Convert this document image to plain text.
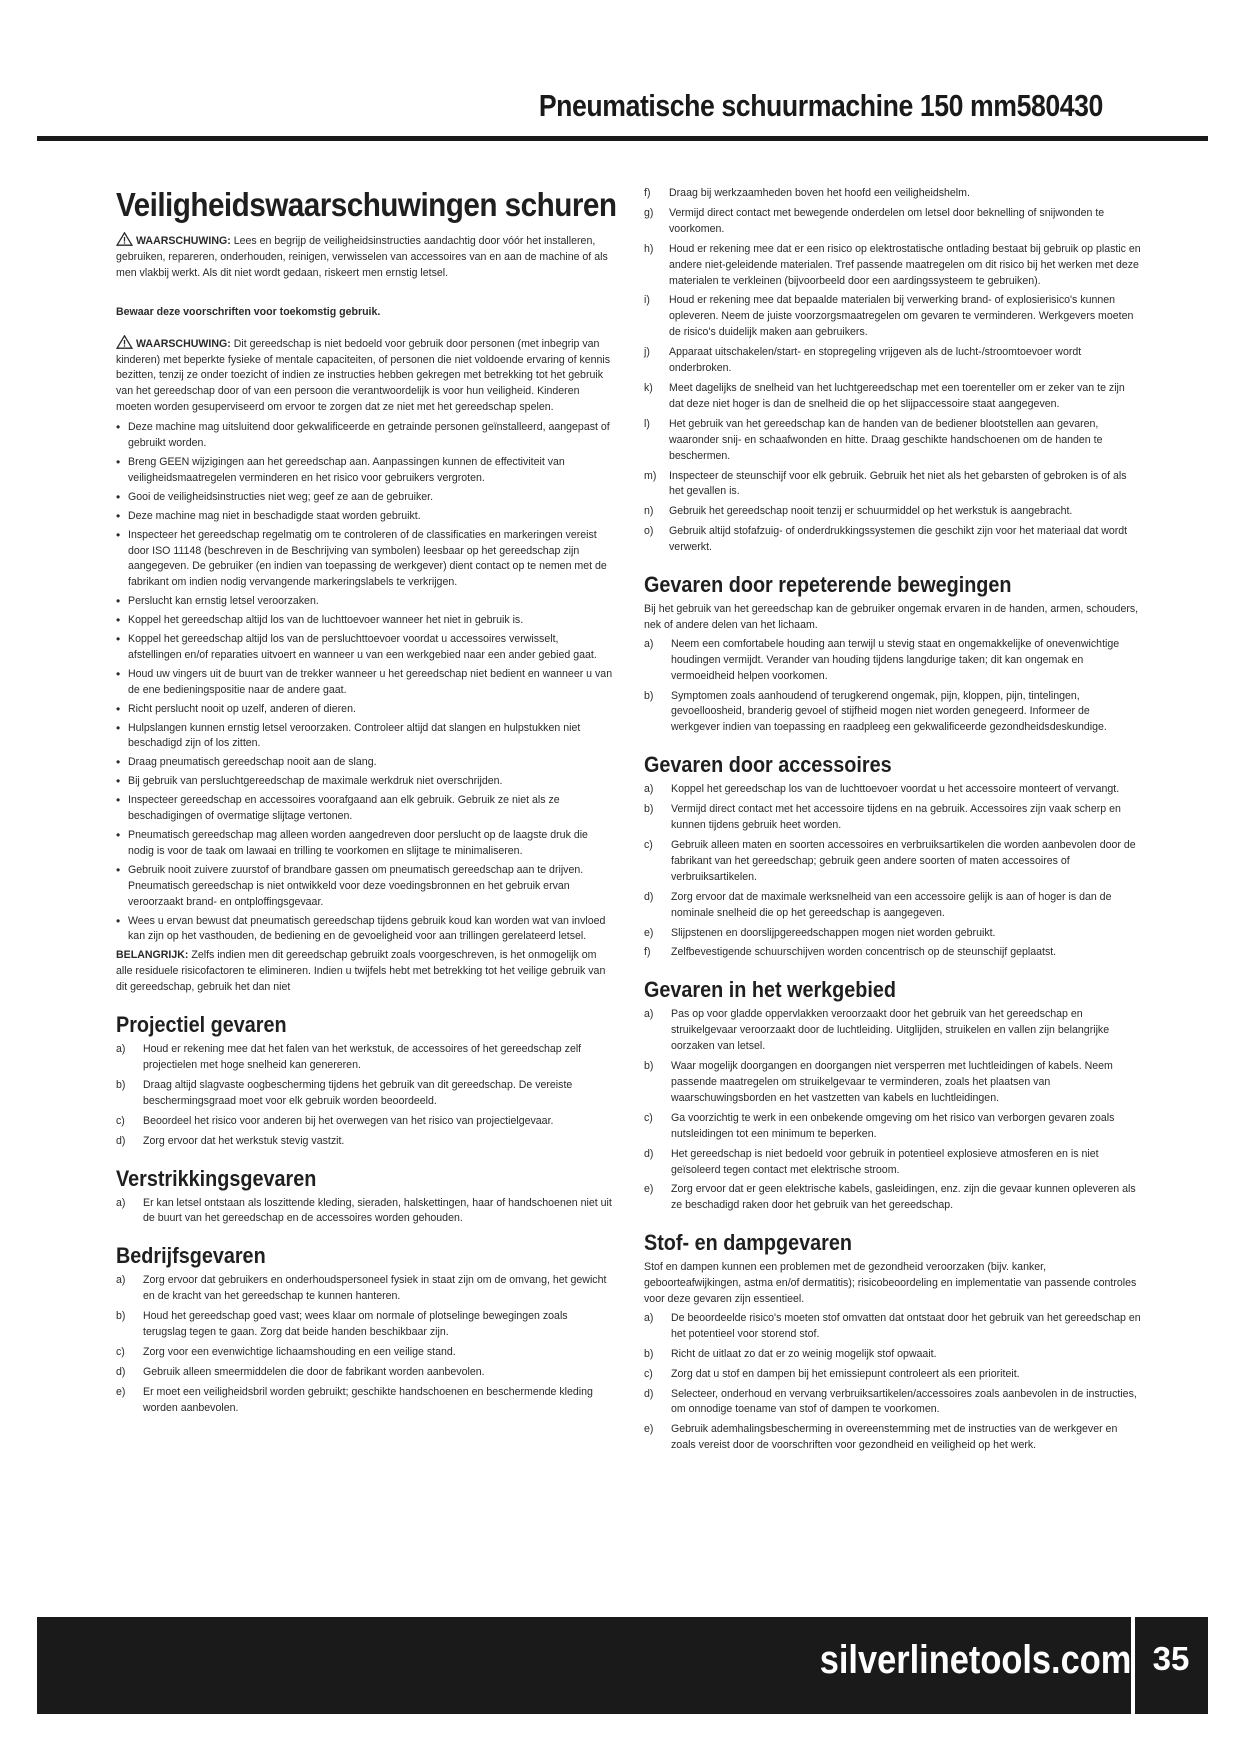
Pneumatische schuurmachine 150 mm580430
Veiligheidswaarschuwingen schuren

WAARSCHUWING: Lees en begrijp de veiligheidsinstructies aandachtig door vóór het installeren, gebruiken, repareren, onderhouden, reinigen, verwisselen van accessoires van en aan de machine of als men vlakbij werkt. Als dit niet wordt gedaan, riskeert men ernstig letsel.

Bewaar deze voorschriften voor toekomstig gebruik.

WAARSCHUWING: Dit gereedschap is niet bedoeld voor gebruik door personen (met inbegrip van kinderen) met beperkte fysieke of mentale capaciteiten, of personen die niet voldoende ervaring of kennis bezitten, tenzij ze onder toezicht of indien ze instructies hebben gekregen met betrekking tot het gebruik van het gereedschap door of van een persoon die verantwoordelijk is voor hun veiligheid. Kinderen moeten worden gesuperviseerd om ervoor te zorgen dat ze niet met het gereedschap spelen.

• Deze machine mag uitsluitend door gekwalificeerde en getrainde personen geïnstalleerd, aangepast of gebruikt worden.
• Breng GEEN wijzigingen aan het gereedschap aan. Aanpassingen kunnen de effectiviteit van veiligheidsmaatregelen verminderen en het risico voor gebruikers vergroten.
• Gooi de veiligheidsinstructies niet weg; geef ze aan de gebruiker.
• Deze machine mag niet in beschadigde staat worden gebruikt.
• Inspecteer het gereedschap regelmatig om te controleren of de classificaties en markeringen vereist door ISO 11148 (beschreven in de Beschrijving van symbolen) leesbaar op het gereedschap zijn aangegeven. De gebruiker (en indien van toepassing de werkgever) dient contact op te nemen met de fabrikant om indien nodig vervangende markeringslabels te verkrijgen.
• Perslucht kan ernstig letsel veroorzaken.
• Koppel het gereedschap altijd los van de luchttoevoer wanneer het niet in gebruik is.
• Koppel het gereedschap altijd los van de persluchttoevoer voordat u accessoires verwisselt, afstellingen en/of reparaties uitvoert en wanneer u van een werkgebied naar een ander gebied gaat.
• Houd uw vingers uit de buurt van de trekker wanneer u het gereedschap niet bedient en wanneer u van de ene bedieningspositie naar de andere gaat.
• Richt perslucht nooit op uzelf, anderen of dieren.
• Hulpslangen kunnen ernstig letsel veroorzaken. Controleer altijd dat slangen en hulpstukken niet beschadigd zijn of los zitten.
• Draag pneumatisch gereedschap nooit aan de slang.
• Bij gebruik van persluchtgereedschap de maximale werkdruk niet overschrijden.
• Inspecteer gereedschap en accessoires voorafgaand aan elk gebruik. Gebruik ze niet als ze beschadigingen of overmatige slijtage vertonen.
• Pneumatisch gereedschap mag alleen worden aangedreven door perslucht op de laagste druk die nodig is voor de taak om lawaai en trilling te voorkomen en slijtage te minimaliseren.
• Gebruik nooit zuivere zuurstof of brandbare gassen om pneumatisch gereedschap aan te drijven. Pneumatisch gereedschap is niet ontwikkeld voor deze voedingsbronnen en het gebruik ervan veroorzaakt brand- en ontploffingsgevaar.
• Wees u ervan bewust dat pneumatisch gereedschap tijdens gebruik koud kan worden wat van invloed kan zijn op het vasthouden, de bediening en de gevoeligheid voor aan trillingen gerelateerd letsel.

BELANGRIJK: Zelfs indien men dit gereedschap gebruikt zoals voorgeschreven, is het onmogelijk om alle residuele risicofactoren te elimineren. Indien u twijfels hebt met betrekking tot het veilige gebruik van dit gereedschap, gebruik het dan niet

Projectiel gevaren
a) Houd er rekening mee dat het falen van het werkstuk, de accessoires of het gereedschap zelf projectielen met hoge snelheid kan genereren.
b) Draag altijd slagvaste oogbescherming tijdens het gebruik van dit gereedschap. De vereiste beschermingsgraad moet voor elk gebruik worden beoordeeld.
c) Beoordeel het risico voor anderen bij het overwegen van het risico van projectielgevaar.
d) Zorg ervoor dat het werkstuk stevig vastzit.
Verstrikkingsgevaren
a) Er kan letsel ontstaan als loszittende kleding, sieraden, halskettingen, haar of handschoenen niet uit de buurt van het gereedschap en de accessoires worden gehouden.
Bedrijfsgevaren
a) Zorg ervoor dat gebruikers en onderhoudspersoneel fysiek in staat zijn om de omvang, het gewicht en de kracht van het gereedschap te kunnen hanteren.
b) Houd het gereedschap goed vast; wees klaar om normale of plotselinge bewegingen zoals terugslag tegen te gaan. Zorg dat beide handen beschikbaar zijn.
c) Zorg voor een evenwichtige lichaamshouding en een veilige stand.
d) Gebruik alleen smeermiddelen die door de fabrikant worden aanbevolen.
e) Er moet een veiligheidsbril worden gebruikt; geschikte handschoenen en beschermende kleding worden aanbevolen.
f) Draag bij werkzaamheden boven het hoofd een veiligheidshelm.
g) Vermijd direct contact met bewegende onderdelen om letsel door beknelling of snijwonden te voorkomen.
h) Houd er rekening mee dat er een risico op elektrostatische ontlading bestaat bij gebruik op plastic en andere niet-geleidende materialen. Tref passende maatregelen om dit risico bij het werken met deze materialen te verkleinen (bijvoorbeeld door een aardingssysteem te gebruiken).
i) Houd er rekening mee dat bepaalde materialen bij verwerking brand- of explosierisico's kunnen opleveren. Neem de juiste voorzorgsmaatregelen om gevaren te verminderen. Werkgevers moeten de risico's duidelijk maken aan gebruikers.
j) Apparaat uitschakelen/start- en stopregeling vrijgeven als de lucht-/stroomtoevoer wordt onderbroken.
k) Meet dagelijks de snelheid van het luchtgereedschap met een toerenteller om er zeker van te zijn dat deze niet hoger is dan de snelheid die op het slijpaccessoire staat aangegeven.
l) Het gebruik van het gereedschap kan de handen van de bediener blootstellen aan gevaren, waaronder snij- en schaafwonden en hitte. Draag geschikte handschoenen om de handen te beschermen.
m) Inspecteer de steunschijf voor elk gebruik. Gebruik het niet als het gebarsten of gebroken is of als het gevallen is.
n) Gebruik het gereedschap nooit tenzij er schuurmiddel op het werkstuk is aangebracht.
o) Gebruik altijd stofafzuig- of onderdrukkingssystemen die geschikt zijn voor het materiaal dat wordt verwerkt.
Gevaren door repeterende bewegingen

Bij het gebruik van het gereedschap kan de gebruiker ongemak ervaren in de handen, armen, schouders, nek of andere delen van het lichaam.

a) Neem een comfortabele houding aan terwijl u stevig staat en ongemakkelijke of onevenwichtige houdingen vermijdt. Verander van houding tijdens langdurige taken; dit kan ongemak en vermoeidheid helpen voorkomen.
b) Symptomen zoals aanhoudend of terugkerend ongemak, pijn, kloppen, pijn, tintelingen, gevoelloosheid, branderig gevoel of stijfheid mogen niet worden genegeerd. Informeer de werkgever indien van toepassing en raadpleeg een gekwalificeerde gezondheidsdeskundige.
Gevaren door accessoires
a) Koppel het gereedschap los van de luchttoevoer voordat u het accessoire monteert of vervangt.
b) Vermijd direct contact met het accessoire tijdens en na gebruik. Accessoires zijn vaak scherp en kunnen tijdens gebruik heet worden.
c) Gebruik alleen maten en soorten accessoires en verbruiksartikelen die worden aanbevolen door de fabrikant van het gereedschap; gebruik geen andere soorten of maten accessoires of verbruiksartikelen.
d) Zorg ervoor dat de maximale werksnelheid van een accessoire gelijk is aan of hoger is dan de nominale snelheid die op het gereedschap is aangegeven.
e) Slijpstenen en doorslijpgereedschappen mogen niet worden gebruikt.
f) Zelfbevestigende schuurschijven worden concentrisch op de steunschijf geplaatst.
Gevaren in het werkgebied
a) Pas op voor gladde oppervlakken veroorzaakt door het gebruik van het gereedschap en struikelgevaar veroorzaakt door de luchtleiding. Uitglijden, struikelen en vallen zijn belangrijke oorzaken van letsel.
b) Waar mogelijk doorgangen en doorgangen niet versperren met luchtleidingen of kabels. Neem passende maatregelen om struikelgevaar te verminderen, zoals het plaatsen van waarschuwingsborden en het vastzetten van kabels en luchtleidingen.
c) Ga voorzichtig te werk in een onbekende omgeving om het risico van verborgen gevaren zoals nutsleidingen tot een minimum te beperken.
d) Het gereedschap is niet bedoeld voor gebruik in potentieel explosieve atmosferen en is niet geïsoleerd tegen contact met elektrische stroom.
e) Zorg ervoor dat er geen elektrische kabels, gasleidingen, enz. zijn die gevaar kunnen opleveren als ze beschadigd raken door het gebruik van het gereedschap.
Stof- en dampgevaren

Stof en dampen kunnen een problemen met de gezondheid veroorzaken (bijv. kanker, geboorteafwijkingen, astma en/of dermatitis); risicobeoordeling en implementatie van passende controles voor deze gevaren zijn essentieel.

a) De beoordeelde risico's moeten stof omvatten dat ontstaat door het gebruik van het gereedschap en het potentieel voor storend stof.
b) Richt de uitlaat zo dat er zo weinig mogelijk stof opwaait.
c) Zorg dat u stof en dampen bij het emissiepunt controleert als een prioriteit.
d) Selecteer, onderhoud en vervang verbruiksartikelen/accessoires zoals aanbevolen in de instructies, om onnodige toename van stof of dampen te voorkomen.
e) Gebruik ademhalingsbescherming in overeenstemming met de instructies van de werkgever en zoals vereist door de voorschriften voor gezondheid en veiligheid op het werk.
silverlinetools.com 35
